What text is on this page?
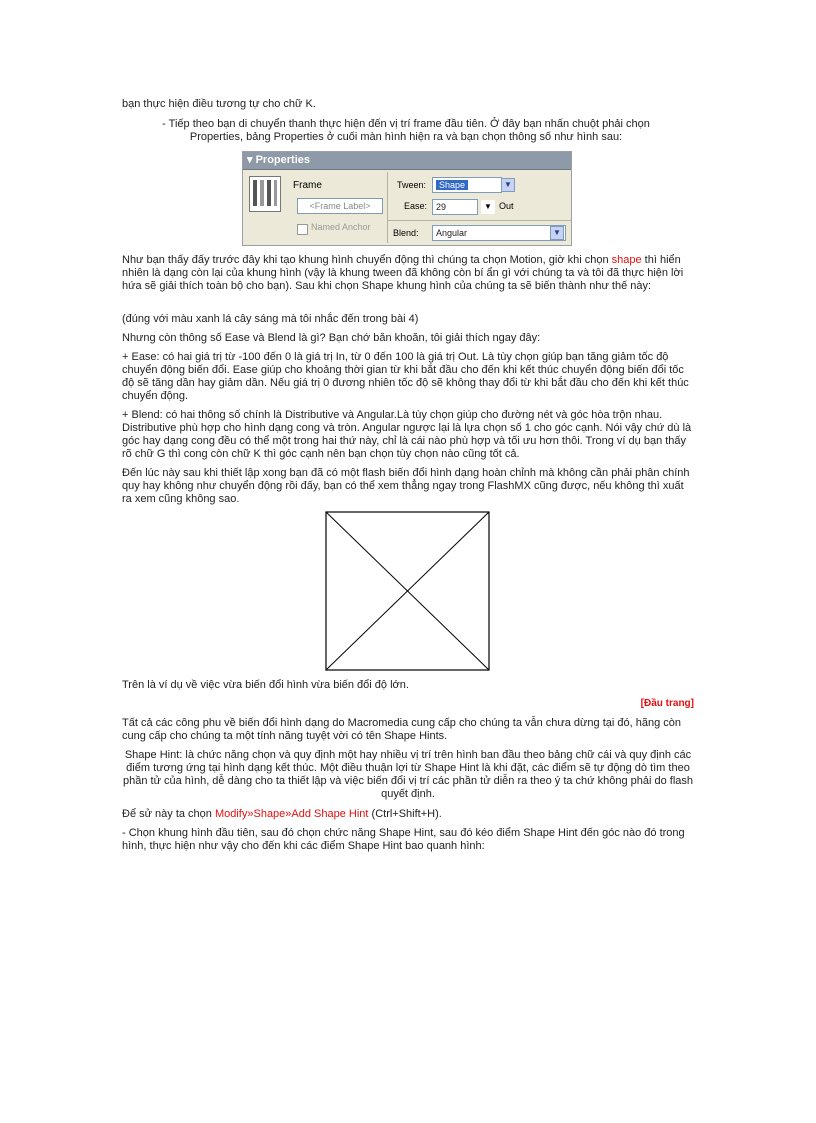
bạn thực hiện điều tương tự cho chữ K.

- Tiếp theo bạn di chuyển thanh thực hiện đến vị trí frame đầu tiên. Ở đây bạn nhấn chuột phải chọn Properties, bảng Properties ở cuối màn hình hiện ra và bạn chọn thông số như hình sau:

▾ Properties
Frame
<Frame Label>
Named Anchor
Tween:	Shape	▼
Ease: 29	▼ Out
Blend:	Angular	▼

Như bạn thấy đấy trước đây khi tạo khung hình chuyển động thì chúng ta chọn Motion, giờ khi chọn shape thì hiển nhiên là dạng còn lại của khung hình (vậy là khung tween đã không còn bí ẩn gì với chúng ta và tôi đã thực hiện lời hứa sẽ giải thích toàn bộ cho bạn). Sau khi chọn Shape khung hình của chúng ta sẽ biến thành như thế này:

(đúng với màu xanh lá cây sáng mà tôi nhắc đến trong bài 4)

Nhưng còn thông số Ease và Blend là gì? Bạn chớ băn khoăn, tôi giải thích ngay đây:

+ Ease: có hai giá trị từ -100 đến 0 là giá trị In, từ 0 đến 100 là giá trị Out. Là tùy chọn giúp bạn tăng giảm tốc độ chuyển động biến đổi. Ease giúp cho khoảng thời gian từ khi bắt đầu cho đến khi kết thúc chuyển động biến đổi tốc độ sẽ tăng dần hay giảm dần. Nếu giá trị 0 đương nhiên tốc độ sẽ không thay đổi từ khi bắt đầu cho đến khi kết thúc chuyển động.

+ Blend: có hai thông số chính là Distributive và Angular.Là tùy chọn giúp cho đường nét và góc hòa trộn nhau. Distributive phù hợp cho hình dạng cong và tròn. Angular ngược lại là lựa chọn số 1 cho góc cạnh. Nói vậy chứ dù là góc hay dạng cong đều có thể một trong hai thứ này, chỉ là cái nào phù hợp và tối ưu hơn thôi. Trong ví dụ bạn thấy rõ chữ G thì cong còn chữ K thì góc cạnh nên bạn chọn tùy chọn nào cũng tốt cả.

Đến lúc này sau khi thiết lập xong bạn đã có một flash biến đổi hình dạng hoàn chỉnh mà không cần phải phân chính quy hay không như chuyển động rồi đấy, bạn có thể xem thẳng ngay trong FlashMX cũng được, nếu không thì xuất ra xem cũng không sao.

Trên là ví dụ về việc vừa biến đổi hình vừa biến đổi độ lớn.

[Đầu trang]

Tất cả các công phu về biến đổi hình dạng do Macromedia cung cấp cho chúng ta vẫn chưa dừng tại đó, hãng còn cung cấp cho chúng ta một tính năng tuyệt vời có tên Shape Hints.

Shape Hint: là chức năng chọn và quy định một hay nhiều vị trí trên hình ban đầu theo bảng chữ cái và quy định các điểm tương ứng tại hình dạng kết thúc. Một điều thuận lợi từ Shape Hint là khi đặt, các điểm sẽ tự động dò tìm theo phần tử của hình, dễ dàng cho ta thiết lập và việc biến đổi vị trí các phần tử diễn ra theo ý ta chứ không phải do flash quyết định.

Để sử này ta chọn Modify»Shape»Add Shape Hint (Ctrl+Shift+H).

- Chọn khung hình đầu tiên, sau đó chọn chức năng Shape Hint, sau đó kéo điểm Shape Hint đến góc nào đó trong hình, thực hiện như vậy cho đến khi các điểm Shape Hint bao quanh hình:
